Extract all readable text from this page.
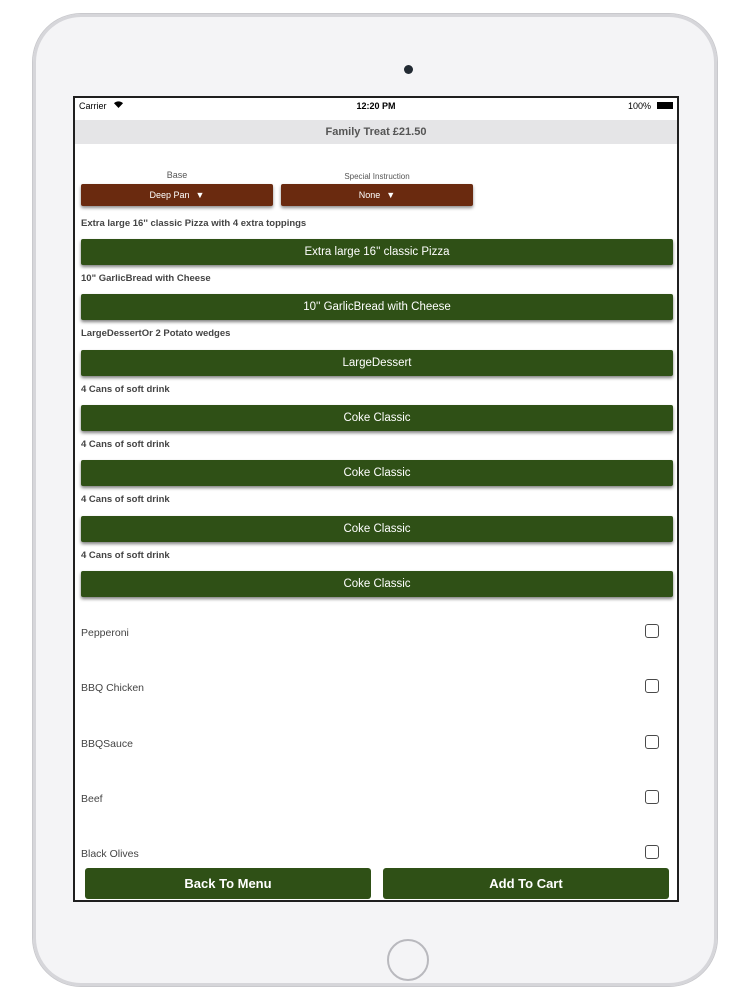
Carrier	12:20 PM	100%
Family Treat £21.50
Base
Deep Pan ▼
Special Instruction
None ▼
Extra large 16'' classic Pizza with 4 extra toppings
Extra large 16'' classic Pizza
10" GarlicBread with Cheese
10'' GarlicBread with Cheese
LargeDessertOr 2 Potato wedges
LargeDessert
4 Cans of soft drink
Coke Classic
4 Cans of soft drink
Coke Classic
4 Cans of soft drink
Coke Classic
4 Cans of soft drink
Coke Classic
Pepperoni
BBQ Chicken
BBQSauce
Beef
Black Olives
Back To Menu	Add To Cart
